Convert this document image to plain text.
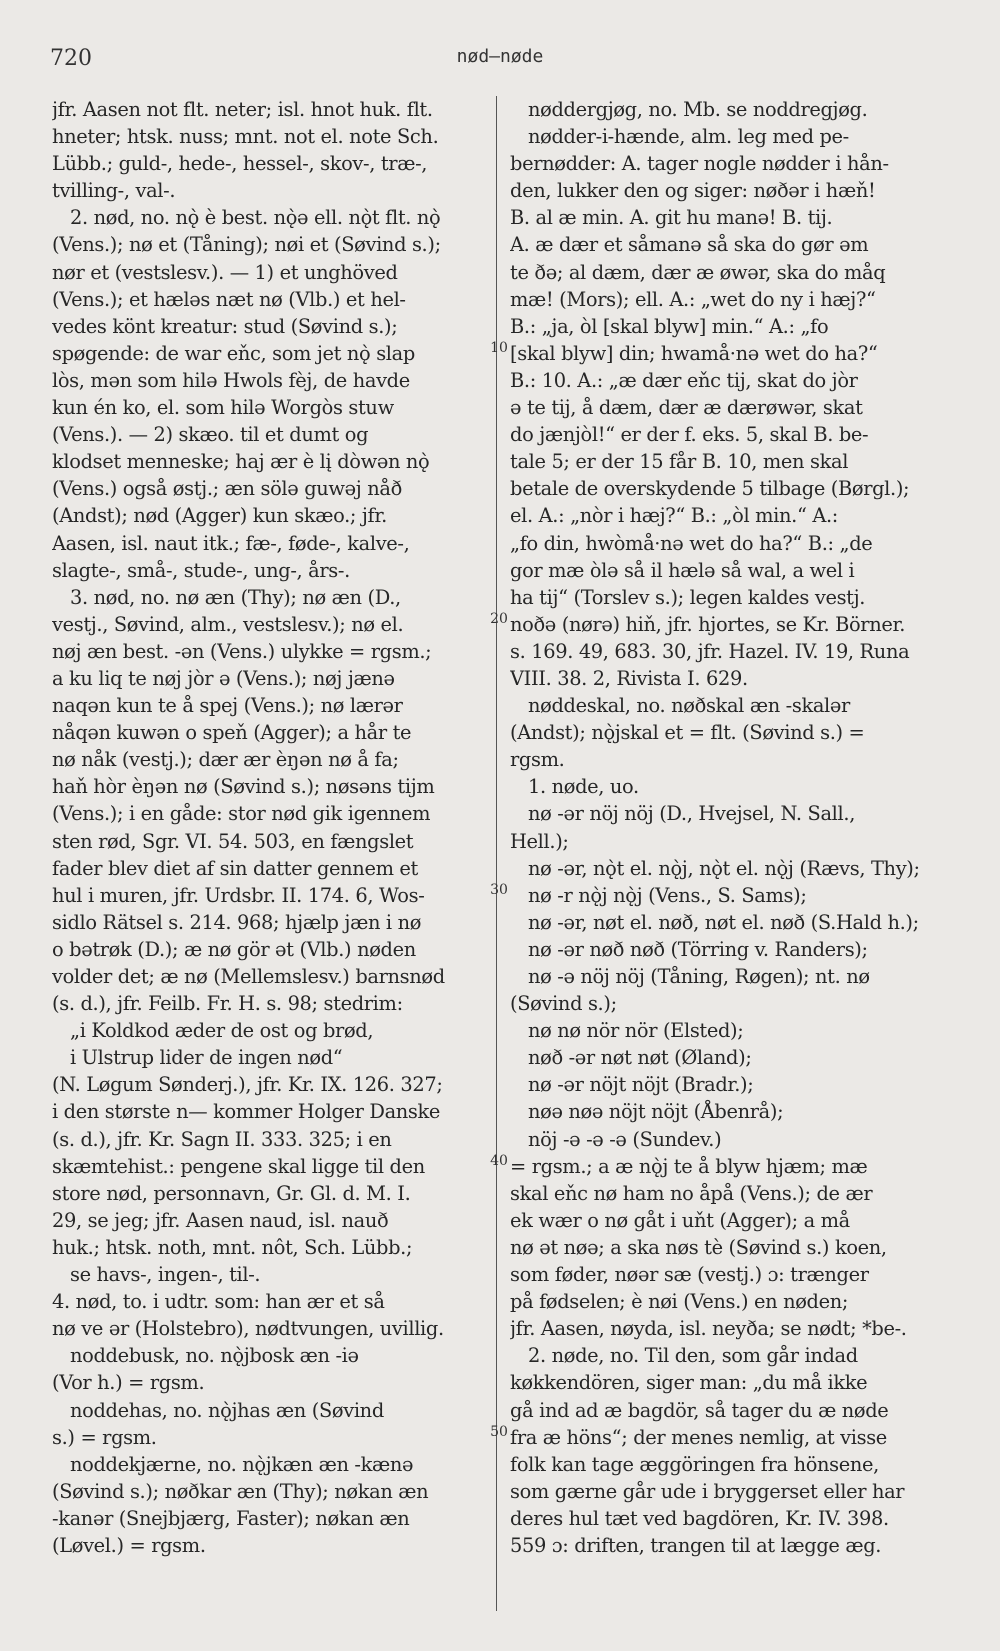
720	nød—nøde
jfr. Aasen not flt. neter; isl. hnot huk. flt.
hneter; htsk. nuss; mnt. not el. note Sch.
Lübb.; guld-, hede-, hessel-, skov-, træ-,
tvilling-, val-.
2. nød, no. nǫ̀ è best. nǫ̀ə ell. nǫ̀t flt. nǫ̀
(Vens.); nø et (Tåning); nøi et (Søvind s.);
nør et (vestslesv.). — 1) et unghöved
(Vens.); et hæləs næt nø (Vlb.) et hel-
vedes könt kreatur: stud (Søvind s.);
spøgende: de war eňc, som jet nǫ̀ slap
lòs, mən som hilə Hwols fèj, de havde
kun én ko, el. som hilə Worgòs stuw
(Vens.). — 2) skæo. til et dumt og
klodset menneske; haj ær è lį dòwən nǫ̀
(Vens.) også østj.; æn sölə guwəj nåð
(Andst); nød (Agger) kun skæo.; jfr.
Aasen, isl. naut itk.; fæ-, føde-, kalve-,
slagte-, små-, stude-, ung-, års-.
3. nød, no. nø æn (Thy); nø æn (D.,
vestj., Søvind, alm., vestslesv.); nø el.
nøj æn best. -ən (Vens.) ulykke = rgsm.;
a ku liq te nøj jòr ə (Vens.); nøj jænə
naqən kun te å spej (Vens.); nø lærər
nåqən kuwən o speň (Agger); a hår te
nø nåk (vestj.); dær ær èŋən nø å fa;
haň hòr èŋən nø (Søvind s.); nøsəns tijm
(Vens.); i en gåde: stor nød gik igennem
sten rød, Sgr. VI. 54. 503, en fængslet
fader blev diet af sin datter gennem et
hul i muren, jfr. Urdsbr. II. 174. 6, Wos-
sidlo Rätsel s. 214. 968; hjælp jæn i nø
o bətrøk (D.); æ nø gör ət (Vlb.) nøden
volder det; æ nø (Mellemslesv.) barnsnød
(s. d.), jfr. Feilb. Fr. H. s. 98; stedrim:
„i Koldkod æder de ost og brød,
i Ulstrup lider de ingen nød“
(N. Løgum Sønderj.), jfr. Kr. IX. 126. 327;
i den største n— kommer Holger Danske
(s. d.), jfr. Kr. Sagn II. 333. 325; i en
skæmtehist.: pengene skal ligge til den
store nød, personnavn, Gr. Gl. d. M. I.
29, se jeg; jfr. Aasen naud, isl. nauð
huk.; htsk. noth, mnt. nôt, Sch. Lübb.;
se havs-, ingen-, til-.
4. nød, to. i udtr. som: han ær et så
nø ve ər (Holstebro), nødtvungen, uvillig.
noddebusk, no. nǫ̀jbosk æn -iə
(Vor h.) = rgsm.
noddehas, no. nǫ̀jhas æn (Søvind
s.) = rgsm.
noddekjærne, no. nǫ̀jkæn æn -kænə
(Søvind s.); nøðkar æn (Thy); nøkan æn
-kanər (Snejbjærg, Faster); nøkan æn
(Løvel.) = rgsm.
nøddergjøg, no. Mb. se noddregjøg.
nødder-i-hænde, alm. leg med pe-
bernødder: A. tager nogle nødder i hån-
den, lukker den og siger: nøðər i hæň!
B. al æ min. A. git hu manə! B. tij.
A. æ dær et såmanə så ska do gør əm
te ðə; al dæm, dær æ øwər, ska do måq
mæ! (Mors); ell. A.: „wet do ny i hæj?“
B.: „ja, òl [skal blyw] min.“ A.: „fo
[skal blyw] din; hwamå·nə wet do ha?“
B.: 10. A.: „æ dær eňc tij, skat do jòr
ə te tij, å dæm, dær æ dærøwər, skat
do jænjòl!“ er der f. eks. 5, skal B. be-
tale 5; er der 15 får B. 10, men skal
betale de overskydende 5 tilbage (Børgl.);
el. A.: „nòr i hæj?“ B.: „òl min.“ A.:
„fo din, hwòmå·nə wet do ha?“ B.: „de
gor mæ òlə så il hælə så wal, a wel i
ha tij“ (Torslev s.); legen kaldes vestj.
noðə (nørə) hiň, jfr. hjortes, se Kr. Börner.
s. 169. 49, 683. 30, jfr. Hazel. IV. 19, Runa
VIII. 38. 2, Rivista I. 629.
nøddeskal, no. nøðskal æn -skalər
(Andst); nǫ̀jskal et = flt. (Søvind s.) =
rgsm.
1. nøde, uo.
nø -ər nöj nöj (D., Hvejsel, N. Sall.,
Hell.);
nø -ər, nǫ̀t el. nǫ̀j, nǫ̀t el. nǫ̀j (Rævs, Thy);
nø -r nǫ̀j nǫ̀j (Vens., S. Sams);
nø -ər, nøt el. nøð, nøt el. nøð (S.Hald h.);
nø -ər nøð nøð (Törring v. Randers);
nø -ə nöj nöj (Tåning, Røgen); nt. nø
(Søvind s.);
nø nø nör nör (Elsted);
nøð -ər nøt nøt (Øland);
nø -ər nöjt nöjt (Bradr.);
nøə nøə nöjt nöjt (Åbenrå);
nöj -ə -ə -ə (Sundev.)
= rgsm.; a æ nǫ̀j te å blyw hjæm; mæ
skal eňc nø ham no åpå (Vens.); de ær
ek wær o nø gåt i uňt (Agger); a må
nø ət nøə; a ska nøs tè (Søvind s.) koen,
som føder, nøər sæ (vestj.) ɔ: trænger
på fødselen; è nøi (Vens.) en nøden;
jfr. Aasen, nøyda, isl. neyða; se nødt; *be-.
2. nøde, no. Til den, som går indad
køkkendören, siger man: „du må ikke
gå ind ad æ bagdör, så tager du æ nøde
fra æ höns“; der menes nemlig, at visse
folk kan tage æggöringen fra hönsene,
som gærne går ude i bryggerset eller har
deres hul tæt ved bagdören, Kr. IV. 398.
559 ɔ: driften, trangen til at lægge æg.
10
20
30
40
50
